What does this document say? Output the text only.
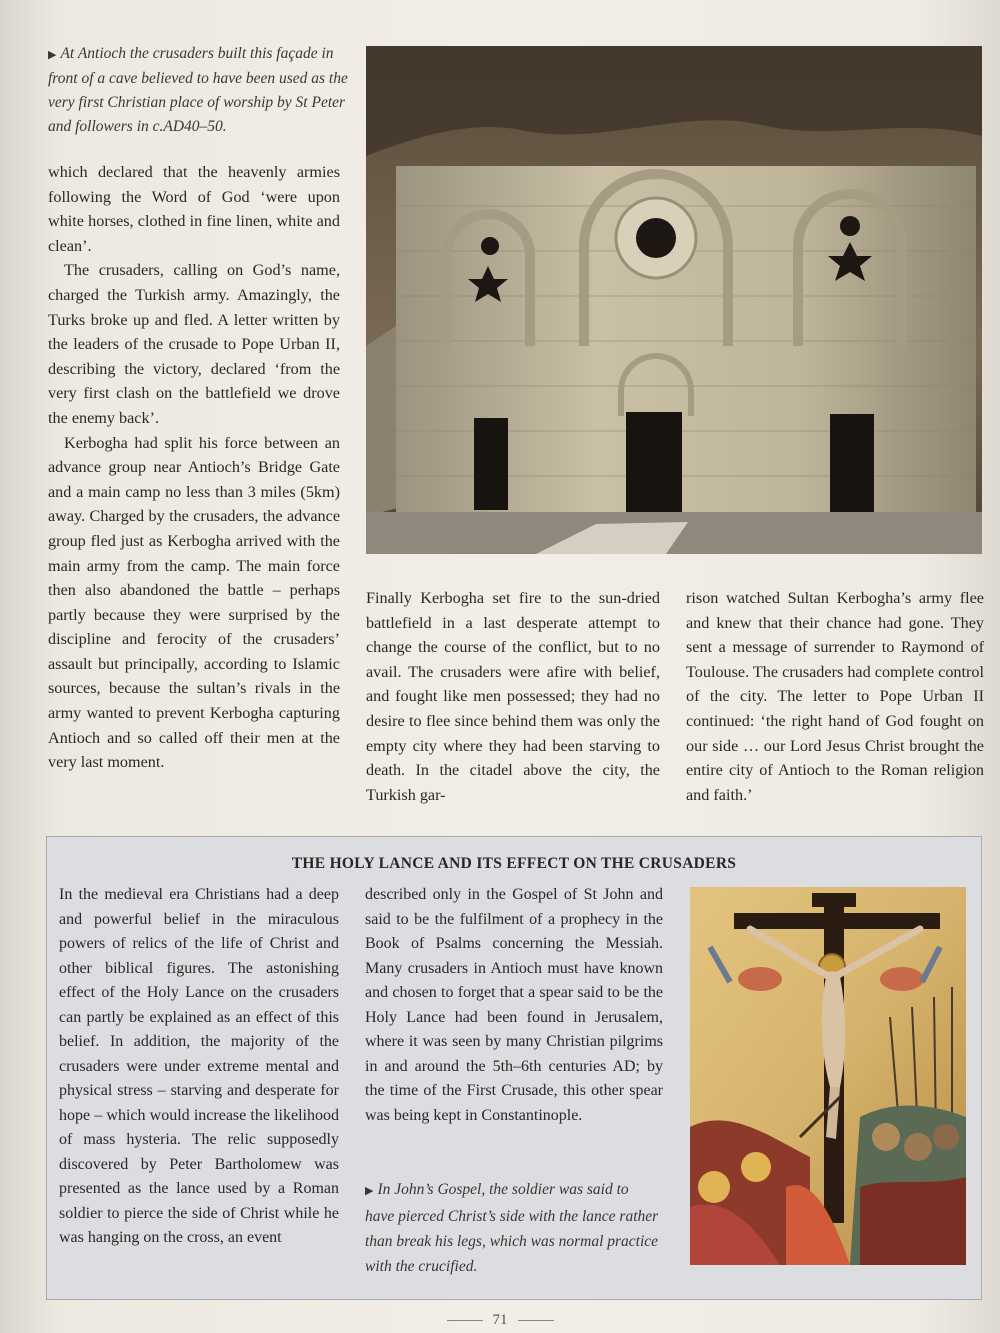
▶ At Antioch the crusaders built this façade in front of a cave believed to have been used as the very first Christian place of worship by St Peter and followers in c.AD40–50.

which declared that the heavenly armies following the Word of God ‘were upon white horses, clothed in fine linen, white and clean’.

The crusaders, calling on God’s name, charged the Turkish army. Amazingly, the Turks broke up and fled. A letter written by the leaders of the crusade to Pope Urban II, describing the victory, declared ‘from the very first clash on the battlefield we drove the enemy back’.

Kerbogha had split his force between an advance group near Antioch’s Bridge Gate and a main camp no less than 3 miles (5km) away. Charged by the crusaders, the advance group fled just as Kerbogha arrived with the main army from the camp. The main force then also abandoned the battle – perhaps partly because they were surprised by the discipline and ferocity of the crusaders’ assault but principally, according to Islamic sources, because the sultan’s rivals in the army wanted to prevent Kerbogha capturing Antioch and so called off their men at the very last moment.

Finally Kerbogha set fire to the sun-dried battlefield in a last desperate attempt to change the course of the conflict, but to no avail. The crusaders were afire with belief, and fought like men possessed; they had no desire to flee since behind them was only the empty city where they had been starving to death. In the citadel above the city, the Turkish gar-

rison watched Sultan Kerbogha’s army flee and knew that their chance had gone. They sent a message of surrender to Raymond of Toulouse. The crusaders had complete control of the city. The letter to Pope Urban II continued: ‘the right hand of God fought on our side … our Lord Jesus Christ brought the entire city of Antioch to the Roman religion and faith.’

THE HOLY LANCE AND ITS EFFECT ON THE CRUSADERS

In the medieval era Christians had a deep and powerful belief in the miraculous powers of relics of the life of Christ and other biblical figures. The astonishing effect of the Holy Lance on the crusaders can partly be explained as an effect of this belief. In addition, the majority of the crusaders were under extreme mental and physical stress – starving and desperate for hope – which would increase the likelihood of mass hysteria. The relic supposedly discovered by Peter Bartholomew was presented as the lance used by a Roman soldier to pierce the side of Christ while he was hanging on the cross, an event

described only in the Gospel of St John and said to be the fulfilment of a prophecy in the Book of Psalms concerning the Messiah. Many crusaders in Antioch must have known and chosen to forget that a spear said to be the Holy Lance had been found in Jerusalem, where it was seen by many Christian pilgrims in and around the 5th–6th centuries AD; by the time of the First Crusade, this other spear was being kept in Constantinople.

▶ In John’s Gospel, the soldier was said to have pierced Christ’s side with the lance rather than break his legs, which was normal practice with the crucified.
71
